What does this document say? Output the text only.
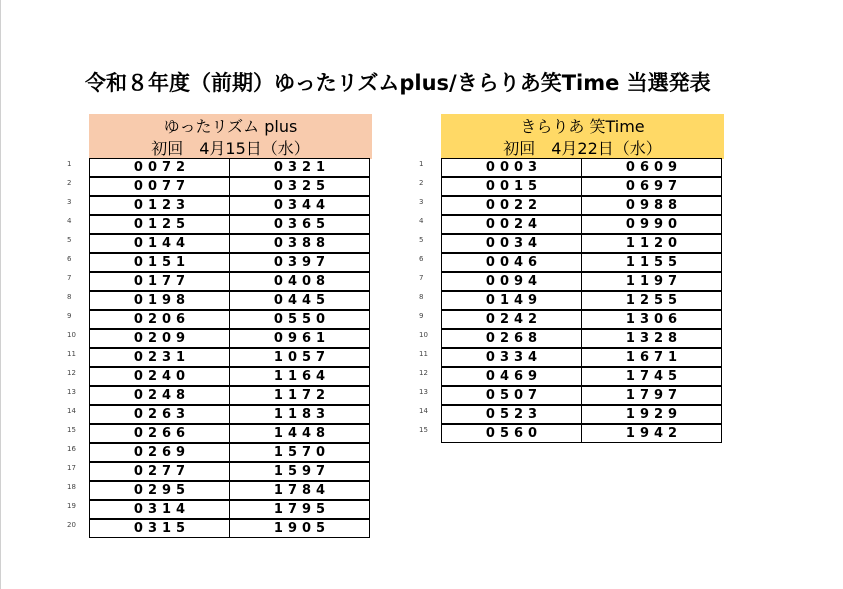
令和８年度（前期）ゆったリズムplus/きらりあ笑Time 当選発表
ゆったリズム plus
初回　4月15日（水）
1	0072	0321
2	0077	0325
3	0123	0344
4	0125	0365
5	0144	0388
6	0151	0397
7	0177	0408
8	0198	0445
9	0206	0550
10	0209	0961
11	0231	1057
12	0240	1164
13	0248	1172
14	0263	1183
15	0266	1448
16	0269	1570
17	0277	1597
18	0295	1784
19	0314	1795
20	0315	1905
きらりあ 笑Time
初回　4月22日（水）
1	0003	0609
2	0015	0697
3	0022	0988
4	0024	0990
5	0034	1120
6	0046	1155
7	0094	1197
8	0149	1255
9	0242	1306
10	0268	1328
11	0334	1671
12	0469	1745
13	0507	1797
14	0523	1929
15	0560	1942
